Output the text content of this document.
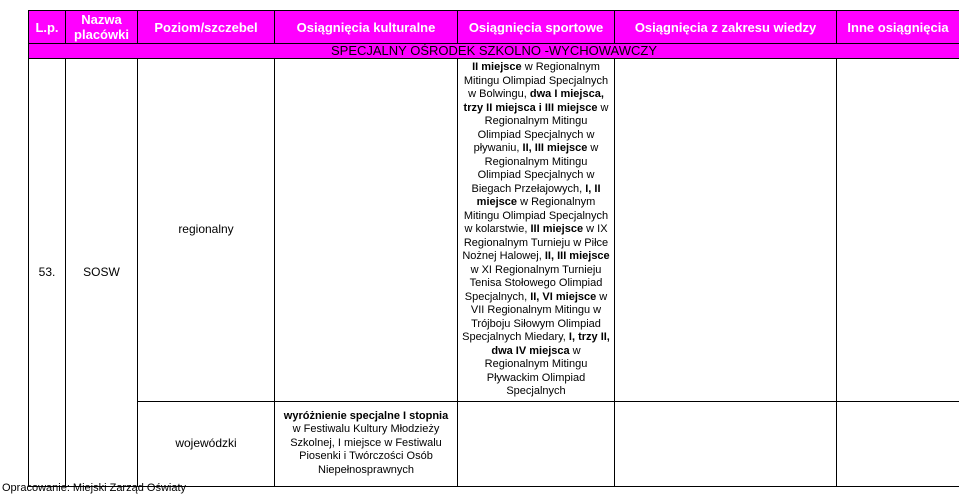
L.p.	Nazwa placówki	Poziom/szczebel	Osiągnięcia kulturalne	Osiągnięcia sportowe	Osiągnięcia z zakresu wiedzy	Inne osiągnięcia
SPECJALNY OŚRODEK SZKOLNO -WYCHOWAWCZY						
53.	SOSW	regionalny		II miejsce w Regionalnym Mitingu Olimpiad Specjalnych w Bolwingu, dwa I miejsca, trzy II miejsca i III miejsce w Regionalnym Mitingu Olimpiad Specjalnych w pływaniu, II, III miejsce w Regionalnym Mitingu Olimpiad Specjalnych w Biegach Przełajowych, I, II miejsce w Regionalnym Mitingu Olimpiad Specjalnych w kolarstwie, III miejsce w IX Regionalnym Turnieju w Piłce Nożnej Halowej, II, III miejsce w XI Regionalnym Turnieju Tenisa Stołowego Olimpiad Specjalnych, II, VI miejsce w VII Regionalnym Mitingu w Trójboju Siłowym Olimpiad Specjalnych Miedary, I, trzy II, dwa IV miejsca w Regionalnym Mitingu Pływackim Olimpiad Specjalnych		
		wojewódzki	wyróżnienie specjalne I stopnia w Festiwalu Kultury Młodzieży Szkolnej, I miejsce w Festiwalu Piosenki i Twórczości Osób Niepełnosprawnych			
Opracowanie: Miejski Zarząd Oświaty
